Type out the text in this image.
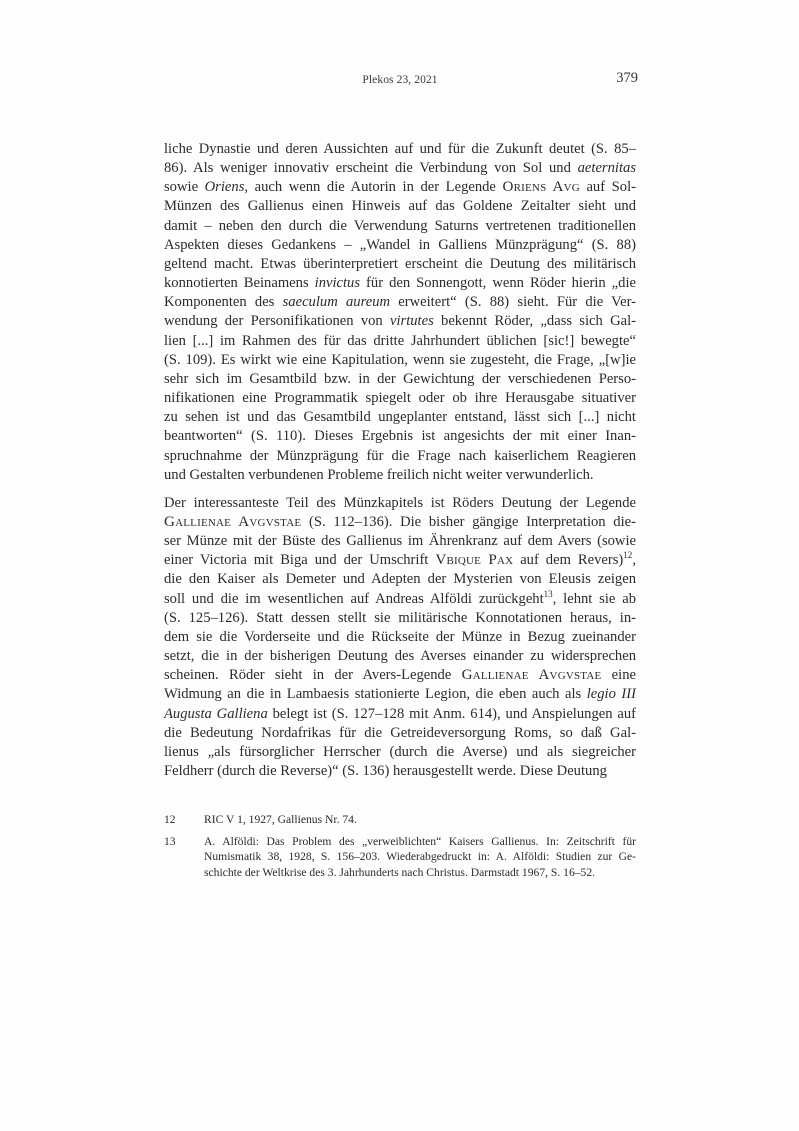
Plekos 23, 2021	379

liche Dynastie und deren Aussichten auf und für die Zukunft deutet (S. 85–
86). Als weniger innovativ erscheint die Verbindung von Sol und aeternitas
sowie Oriens, auch wenn die Autorin in der Legende Oriens Avg auf Sol-
Münzen des Gallienus einen Hinweis auf das Goldene Zeitalter sieht und
damit – neben den durch die Verwendung Saturns vertretenen traditionellen
Aspekten dieses Gedankens – „Wandel in Galliens Münzprägung“ (S. 88)
geltend macht. Etwas überinterpretiert erscheint die Deutung des militärisch
konnotierten Beinamens invictus für den Sonnengott, wenn Röder hierin „die
Komponenten des saeculum aureum erweitert“ (S. 88) sieht. Für die Ver-
wendung der Personifikationen von virtutes bekennt Röder, „dass sich Gal-
lien [...] im Rahmen des für das dritte Jahrhundert üblichen [sic!] bewegte“
(S. 109). Es wirkt wie eine Kapitulation, wenn sie zugesteht, die Frage, „[w]ie
sehr sich im Gesamtbild bzw. in der Gewichtung der verschiedenen Perso-
nifikationen eine Programmatik spiegelt oder ob ihre Herausgabe situativer
zu sehen ist und das Gesamtbild ungeplanter entstand, lässt sich [...] nicht
beantworten“ (S. 110). Dieses Ergebnis ist angesichts der mit einer Inan-
spruchnahme der Münzprägung für die Frage nach kaiserlichem Reagieren
und Gestalten verbundenen Probleme freilich nicht weiter verwunderlich.

Der interessanteste Teil des Münzkapitels ist Röders Deutung der Legende
Gallienae Avgvstae (S. 112–136). Die bisher gängige Interpretation die-
ser Münze mit der Büste des Gallienus im Ährenkranz auf dem Avers (sowie
einer Victoria mit Biga und der Umschrift Vbique Pax auf dem Revers)$^{12}$,
die den Kaiser als Demeter und Adepten der Mysterien von Eleusis zeigen
soll und die im wesentlichen auf Andreas Alföldi zurückgeht$^{13}$, lehnt sie ab
(S. 125–126). Statt dessen stellt sie militärische Konnotationen heraus, in-
dem sie die Vorderseite und die Rückseite der Münze in Bezug zueinander
setzt, die in der bisherigen Deutung des Averses einander zu widersprechen
scheinen. Röder sieht in der Avers-Legende Gallienae Avgvstae eine
Widmung an die in Lambaesis stationierte Legion, die eben auch als legio III
Augusta Galliena belegt ist (S. 127–128 mit Anm. 614), und Anspielungen auf
die Bedeutung Nordafrikas für die Getreideversorgung Roms, so daß Gal-
lienus „als fürsorglicher Herrscher (durch die Averse) und als siegreicher
Feldherr (durch die Reverse)“ (S. 136) herausgestellt werde. Diese Deutung

12	RIC V 1, 1927, Gallienus Nr. 74.
13	A. Alföldi: Das Problem des „verweiblichten“ Kaisers Gallienus. In: Zeitschrift für
Numismatik 38, 1928, S. 156–203. Wiederabgedruckt in: A. Alföldi: Studien zur Ge-
schichte der Weltkrise des 3. Jahrhunderts nach Christus. Darmstadt 1967, S. 16–52.
